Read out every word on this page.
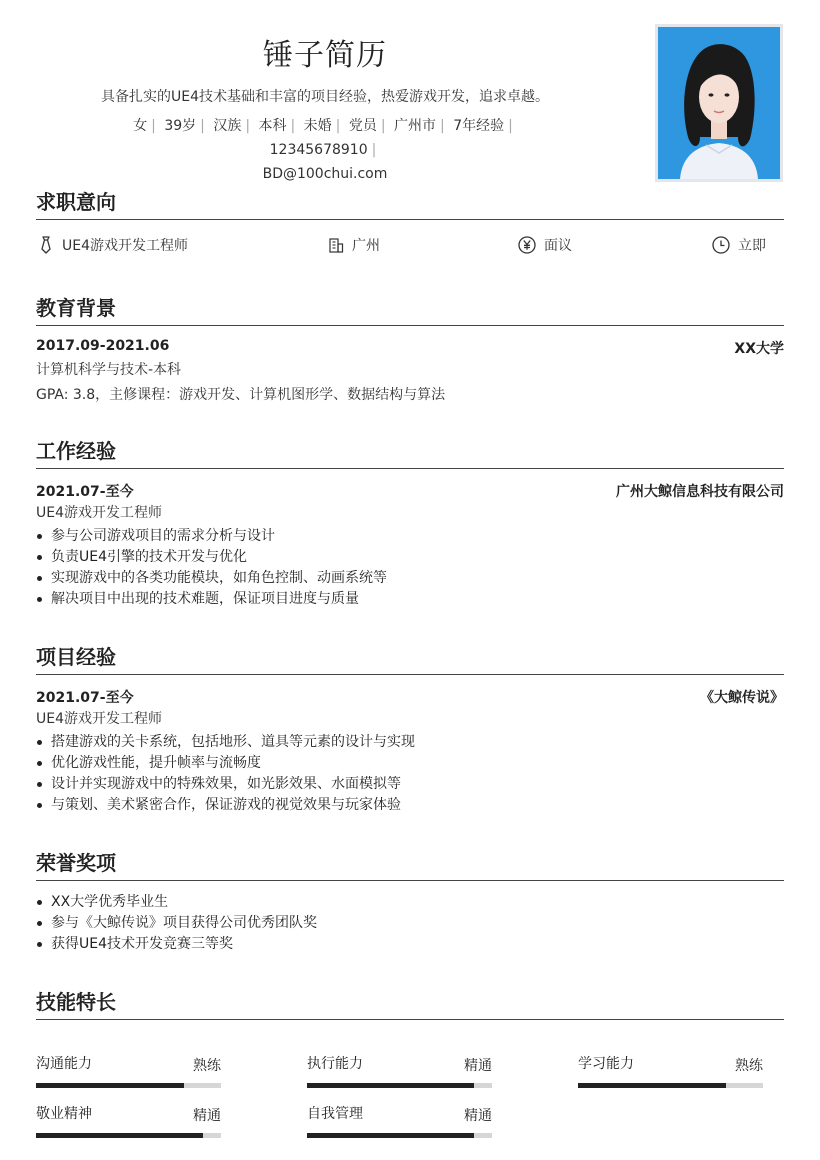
锤子简历
具备扎实的UE4技术基础和丰富的项目经验，热爱游戏开发，追求卓越。
女 | 39岁 | 汉族 | 本科 | 未婚 | 党员 | 广州市 | 7年经验 | 12345678910 |
BD@100chui.com
求职意向
UE4游戏开发工程师	广州	面议	立即
教育背景
2017.09-2021.06	XX大学
计算机科学与技术-本科
GPA: 3.8，主修课程：游戏开发、计算机图形学、数据结构与算法
工作经验
2021.07-至今	广州大鲸信息科技有限公司
UE4游戏开发工程师
参与公司游戏项目的需求分析与设计
负责UE4引擎的技术开发与优化
实现游戏中的各类功能模块，如角色控制、动画系统等
解决项目中出现的技术难题，保证项目进度与质量
项目经验
2021.07-至今	《大鲸传说》
UE4游戏开发工程师
搭建游戏的关卡系统，包括地形、道具等元素的设计与实现
优化游戏性能，提升帧率与流畅度
设计并实现游戏中的特殊效果，如光影效果、水面模拟等
与策划、美术紧密合作，保证游戏的视觉效果与玩家体验
荣誉奖项
XX大学优秀毕业生
参与《大鲸传说》项目获得公司优秀团队奖
获得UE4技术开发竞赛三等奖
技能特长
沟通能力	熟练	执行能力	精通	学习能力	熟练
敬业精神	精通	自我管理	精通
